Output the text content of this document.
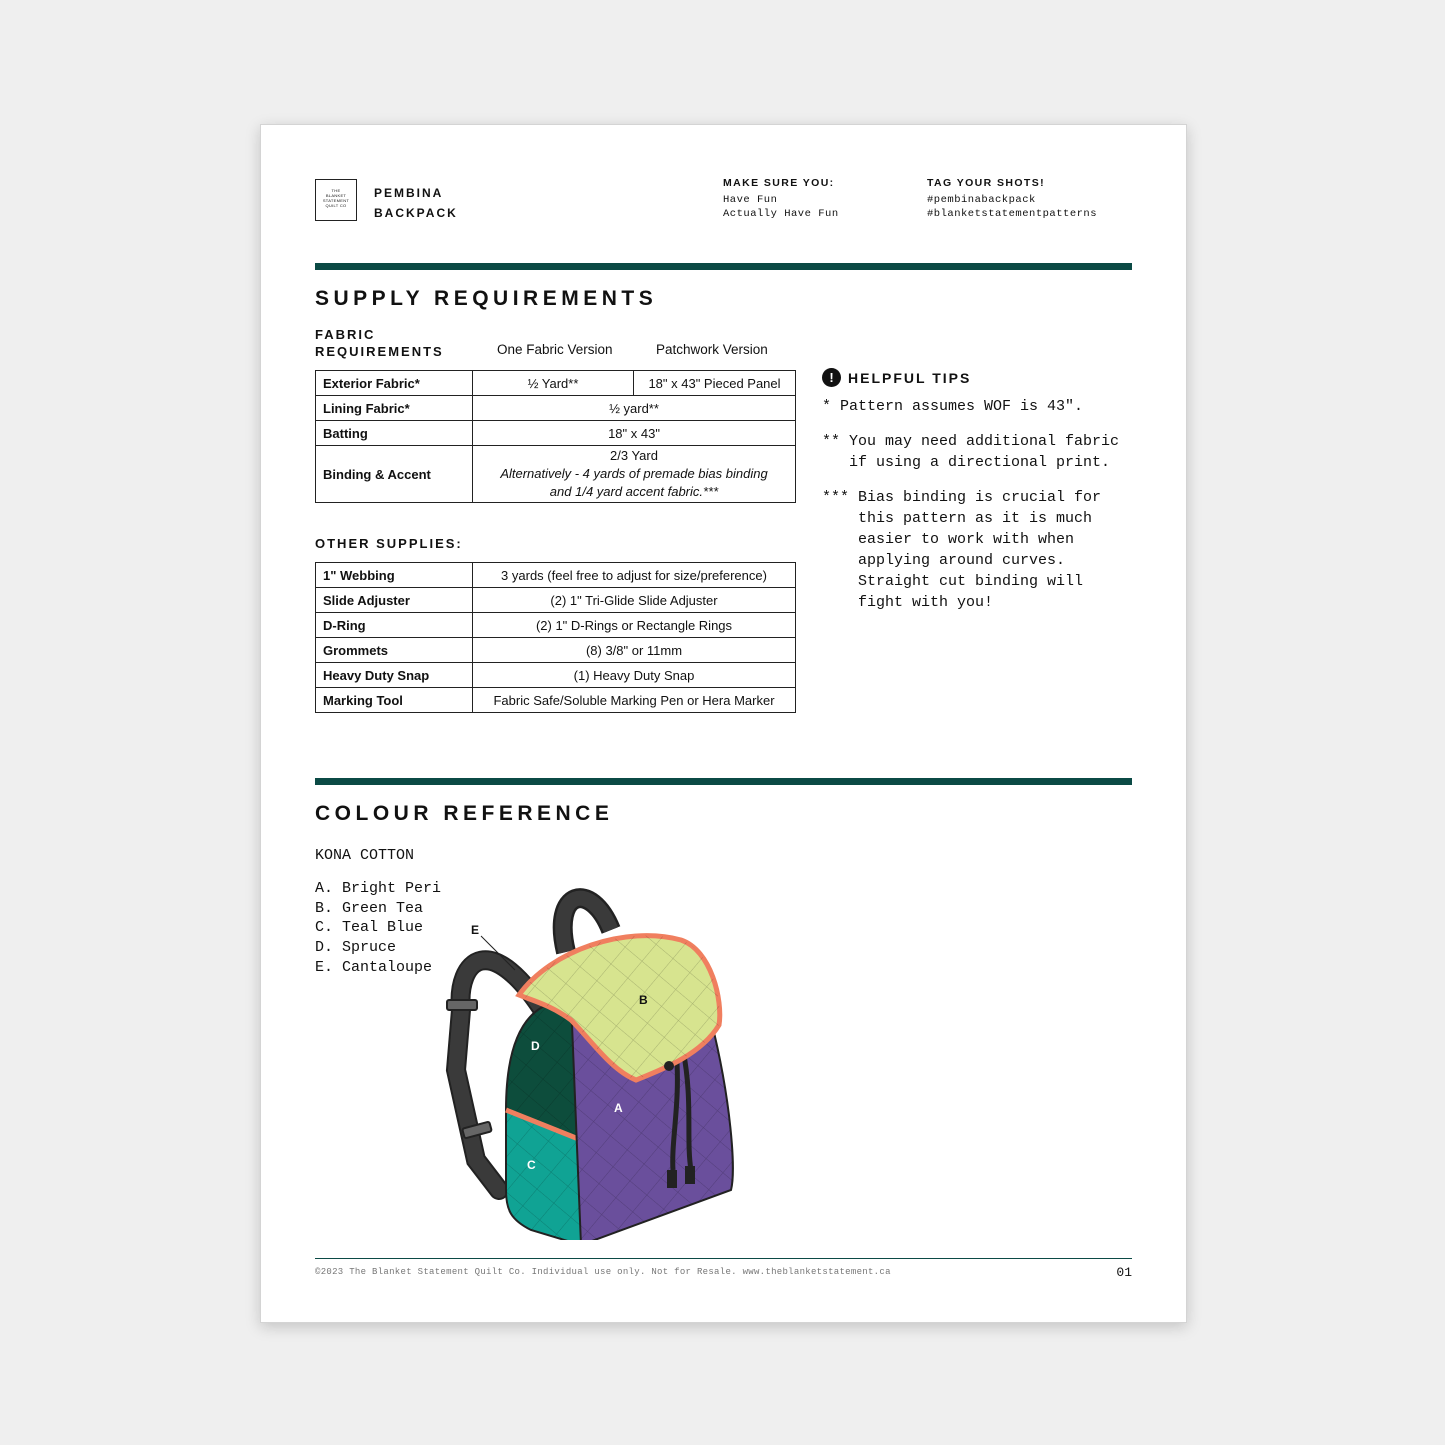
THE
BLANKET
STATEMENT
QUILT CO
PEMBINA
BACKPACK
MAKE SURE YOU:
Have Fun
Actually Have Fun
TAG YOUR SHOTS!
#pembinabackpack
#blanketstatementpatterns
SUPPLY REQUIREMENTS
FABRIC
REQUIREMENTS	One Fabric Version	Patchwork Version
Exterior Fabric*	½ Yard**	18" x 43" Pieced Panel
Lining Fabric*	½ yard**	
Batting	18" x 43"	
Binding & Accent	2/3 Yard
Alternatively - 4 yards of premade bias binding
and 1/4 yard accent fabric.***	
OTHER SUPPLIES:
1" Webbing	3 yards (feel free to adjust for size/preference)
Slide Adjuster	(2) 1" Tri-Glide Slide Adjuster
D-Ring	(2) 1" D-Rings or Rectangle Rings
Grommets	(8) 3/8" or 11mm
Heavy Duty Snap	(1) Heavy Duty Snap
Marking Tool	Fabric Safe/Soluble Marking Pen or Hera Marker
!	HELPFUL TIPS
* Pattern assumes WOF is 43".
** You may need additional fabric
if using a directional print.
*** Bias binding is crucial for
this pattern as it is much
easier to work with when
applying around curves.
Straight cut binding will
fight with you!
COLOUR REFERENCE
KONA COTTON
A. Bright Peri
B. Green Tea
C. Teal Blue
D. Spruce
E. Cantaloupe
E
B
D
A
C
©2023 The Blanket Statement Quilt Co. Individual use only. Not for Resale. www.theblanketstatement.ca	01
